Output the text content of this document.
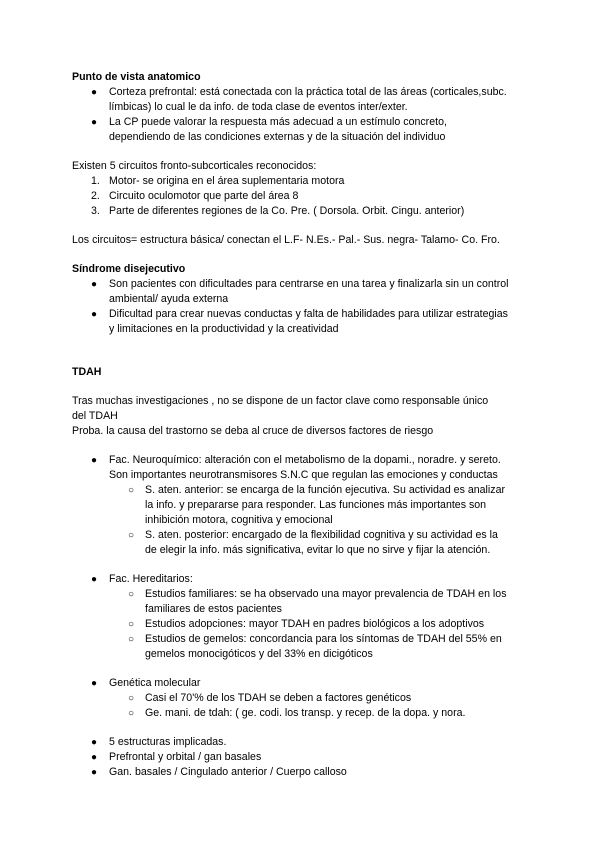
Punto de vista anatomico
● Corteza prefrontal: está conectada con la práctica total de las áreas (corticales,subc.
límbicas) lo cual le da info. de toda clase de eventos inter/exter.
● La CP puede valorar la respuesta más adecuad a un estímulo concreto,
dependiendo de las condiciones externas y de la situación del individuo
Existen 5 circuitos fronto-subcorticales reconocidos:
1. Motor- se origina en el área suplementaria motora
2. Circuito oculomotor que parte del área 8
3. Parte de diferentes regiones de la Co. Pre. ( Dorsola. Orbit. Cingu. anterior)
Los circuitos= estructura básica/ conectan el L.F- N.Es.- Pal.- Sus. negra- Talamo- Co. Fro.
Síndrome disejecutivo
● Son pacientes con dificultades para centrarse en una tarea y finalizarla sin un control
ambiental/ ayuda externa
● Dificultad para crear nuevas conductas y falta de habilidades para utilizar estrategias
y limitaciones en la productividad y la creatividad
TDAH
Tras muchas investigaciones , no se dispone de un factor clave como responsable único
del TDAH
Proba. la causa del trastorno se deba al cruce de diversos factores de riesgo
● Fac. Neuroquímico: alteración con el metabolismo de la dopami., noradre. y sereto.
Son importantes neurotransmisores S.N.C que regulan las emociones y conductas
○ S. aten. anterior: se encarga de la función ejecutiva. Su actividad es analizar
la info. y prepararse para responder. Las funciones más importantes son
inhibición motora, cognitiva y emocional
○ S. aten. posterior: encargado de la flexibilidad cognitiva y su actividad es la
de elegir la info. más significativa, evitar lo que no sirve y fijar la atención.
● Fac. Hereditarios:
○ Estudios familiares: se ha observado una mayor prevalencia de TDAH en los
familiares de estos pacientes
○ Estudios adopciones: mayor TDAH en padres biológicos a los adoptivos
○ Estudios de gemelos: concordancia para los síntomas de TDAH del 55% en
gemelos monocigóticos y del 33% en dicigóticos
● Genética molecular
○ Casi el 70'% de los TDAH se deben a factores genéticos
○ Ge. mani. de tdah: ( ge. codi. los transp. y recep. de la dopa. y nora.
● 5 estructuras implicadas.
● Prefrontal y orbital / gan basales
● Gan. basales / Cingulado anterior / Cuerpo calloso
